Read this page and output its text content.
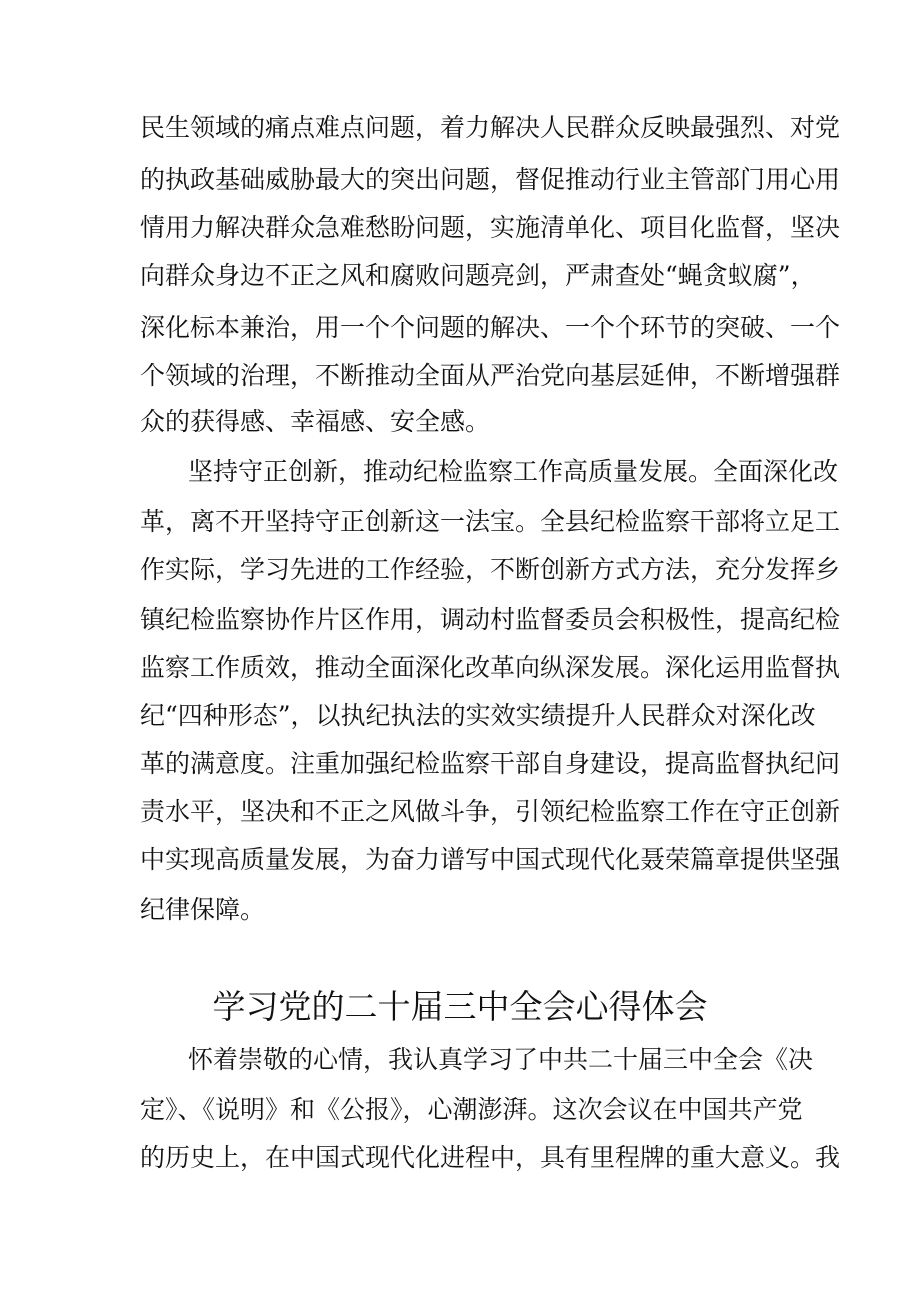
民生领域的痛点难点问题，着力解决人民群众反映最强烈、对党
的执政基础威胁最大的突出问题，督促推动行业主管部门用心用
情用力解决群众急难愁盼问题，实施清单化、项目化监督，坚决
向群众身边不正之风和腐败问题亮剑，严肃查处“蝇贪蚁腐”，
深化标本兼治，用一个个问题的解决、一个个环节的突破、一个
个领域的治理，不断推动全面从严治党向基层延伸，不断增强群
众的获得感、幸福感、安全感。
坚持守正创新，推动纪检监察工作高质量发展。全面深化改
革，离不开坚持守正创新这一法宝。全县纪检监察干部将立足工
作实际，学习先进的工作经验，不断创新方式方法，充分发挥乡
镇纪检监察协作片区作用，调动村监督委员会积极性，提高纪检
监察工作质效，推动全面深化改革向纵深发展。深化运用监督执
纪“四种形态”，以执纪执法的实效实绩提升人民群众对深化改
革的满意度。注重加强纪检监察干部自身建设，提高监督执纪问
责水平，坚决和不正之风做斗争，引领纪检监察工作在守正创新
中实现高质量发展，为奋力谱写中国式现代化聂荣篇章提供坚强
纪律保障。
学习党的二十届三中全会心得体会
怀着崇敬的心情，我认真学习了中共二十届三中全会《决
定》、《说明》和《公报》，心潮澎湃。这次会议在中国共产党
的历史上，在中国式现代化进程中，具有里程牌的重大意义。我
